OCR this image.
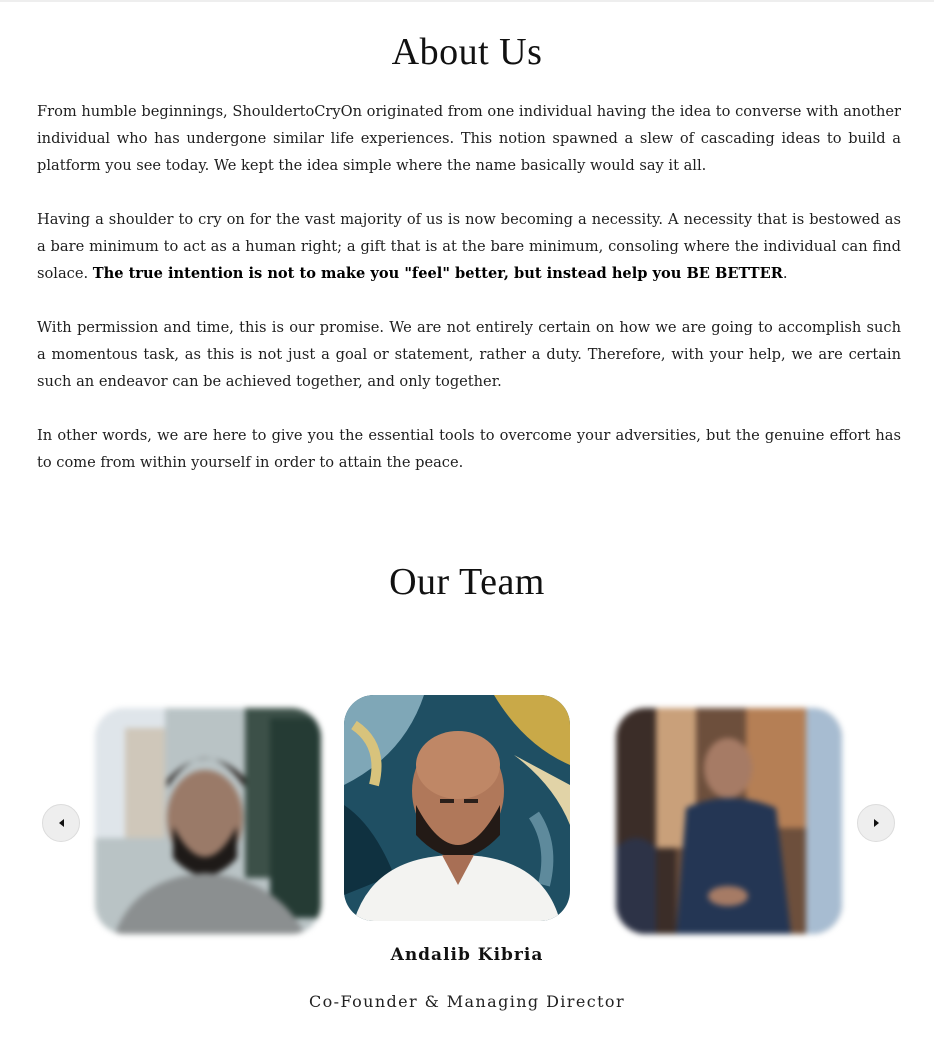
About Us

From humble beginnings, ShouldertoCryOn originated from one individual having the idea to converse with another individual who has undergone similar life experiences. This notion spawned a slew of cascading ideas to build a platform you see today. We kept the idea simple where the name basically would say it all.

Having a shoulder to cry on for the vast majority of us is now becoming a necessity. A necessity that is bestowed as a bare minimum to act as a human right; a gift that is at the bare minimum, consoling where the individual can find solace. The true intention is not to make you "feel" better, but instead help you BE BETTER.

With permission and time, this is our promise. We are not entirely certain on how we are going to accomplish such a momentous task, as this is not just a goal or statement, rather a duty. Therefore, with your help, we are certain such an endeavor can be achieved together, and only together.

In other words, we are here to give you the essential tools to overcome your adversities, but the genuine effort has to come from within yourself in order to attain the peace.

Our Team
Andalib Kibria
Co-Founder & Managing Director
